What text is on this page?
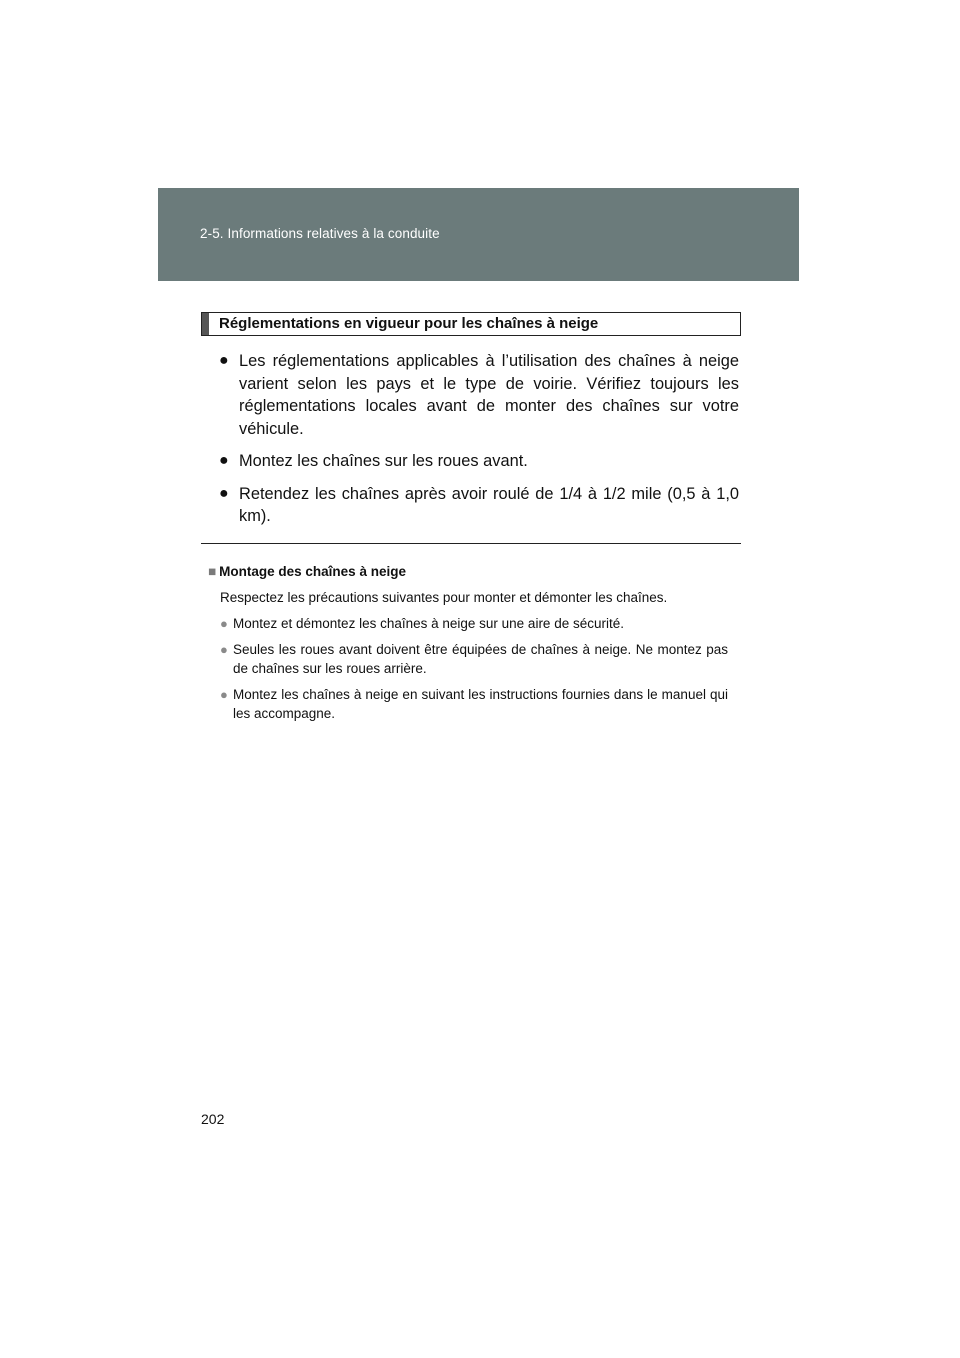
2-5. Informations relatives à la conduite
Réglementations en vigueur pour les chaînes à neige
● Les réglementations applicables à l’utilisation des chaînes à neige varient selon les pays et le type de voirie. Vérifiez toujours les réglementations locales avant de monter des chaînes sur votre véhicule.
● Montez les chaînes sur les roues avant.
● Retendez les chaînes après avoir roulé de 1/4 à 1/2 mile (0,5 à 1,0 km).

■ Montage des chaînes à neige

Respectez les précautions suivantes pour monter et démonter les chaînes.

● Montez et démontez les chaînes à neige sur une aire de sécurité.
● Seules les roues avant doivent être équipées de chaînes à neige. Ne montez pas de chaînes sur les roues arrière.
● Montez les chaînes à neige en suivant les instructions fournies dans le manuel qui les accompagne.
202
